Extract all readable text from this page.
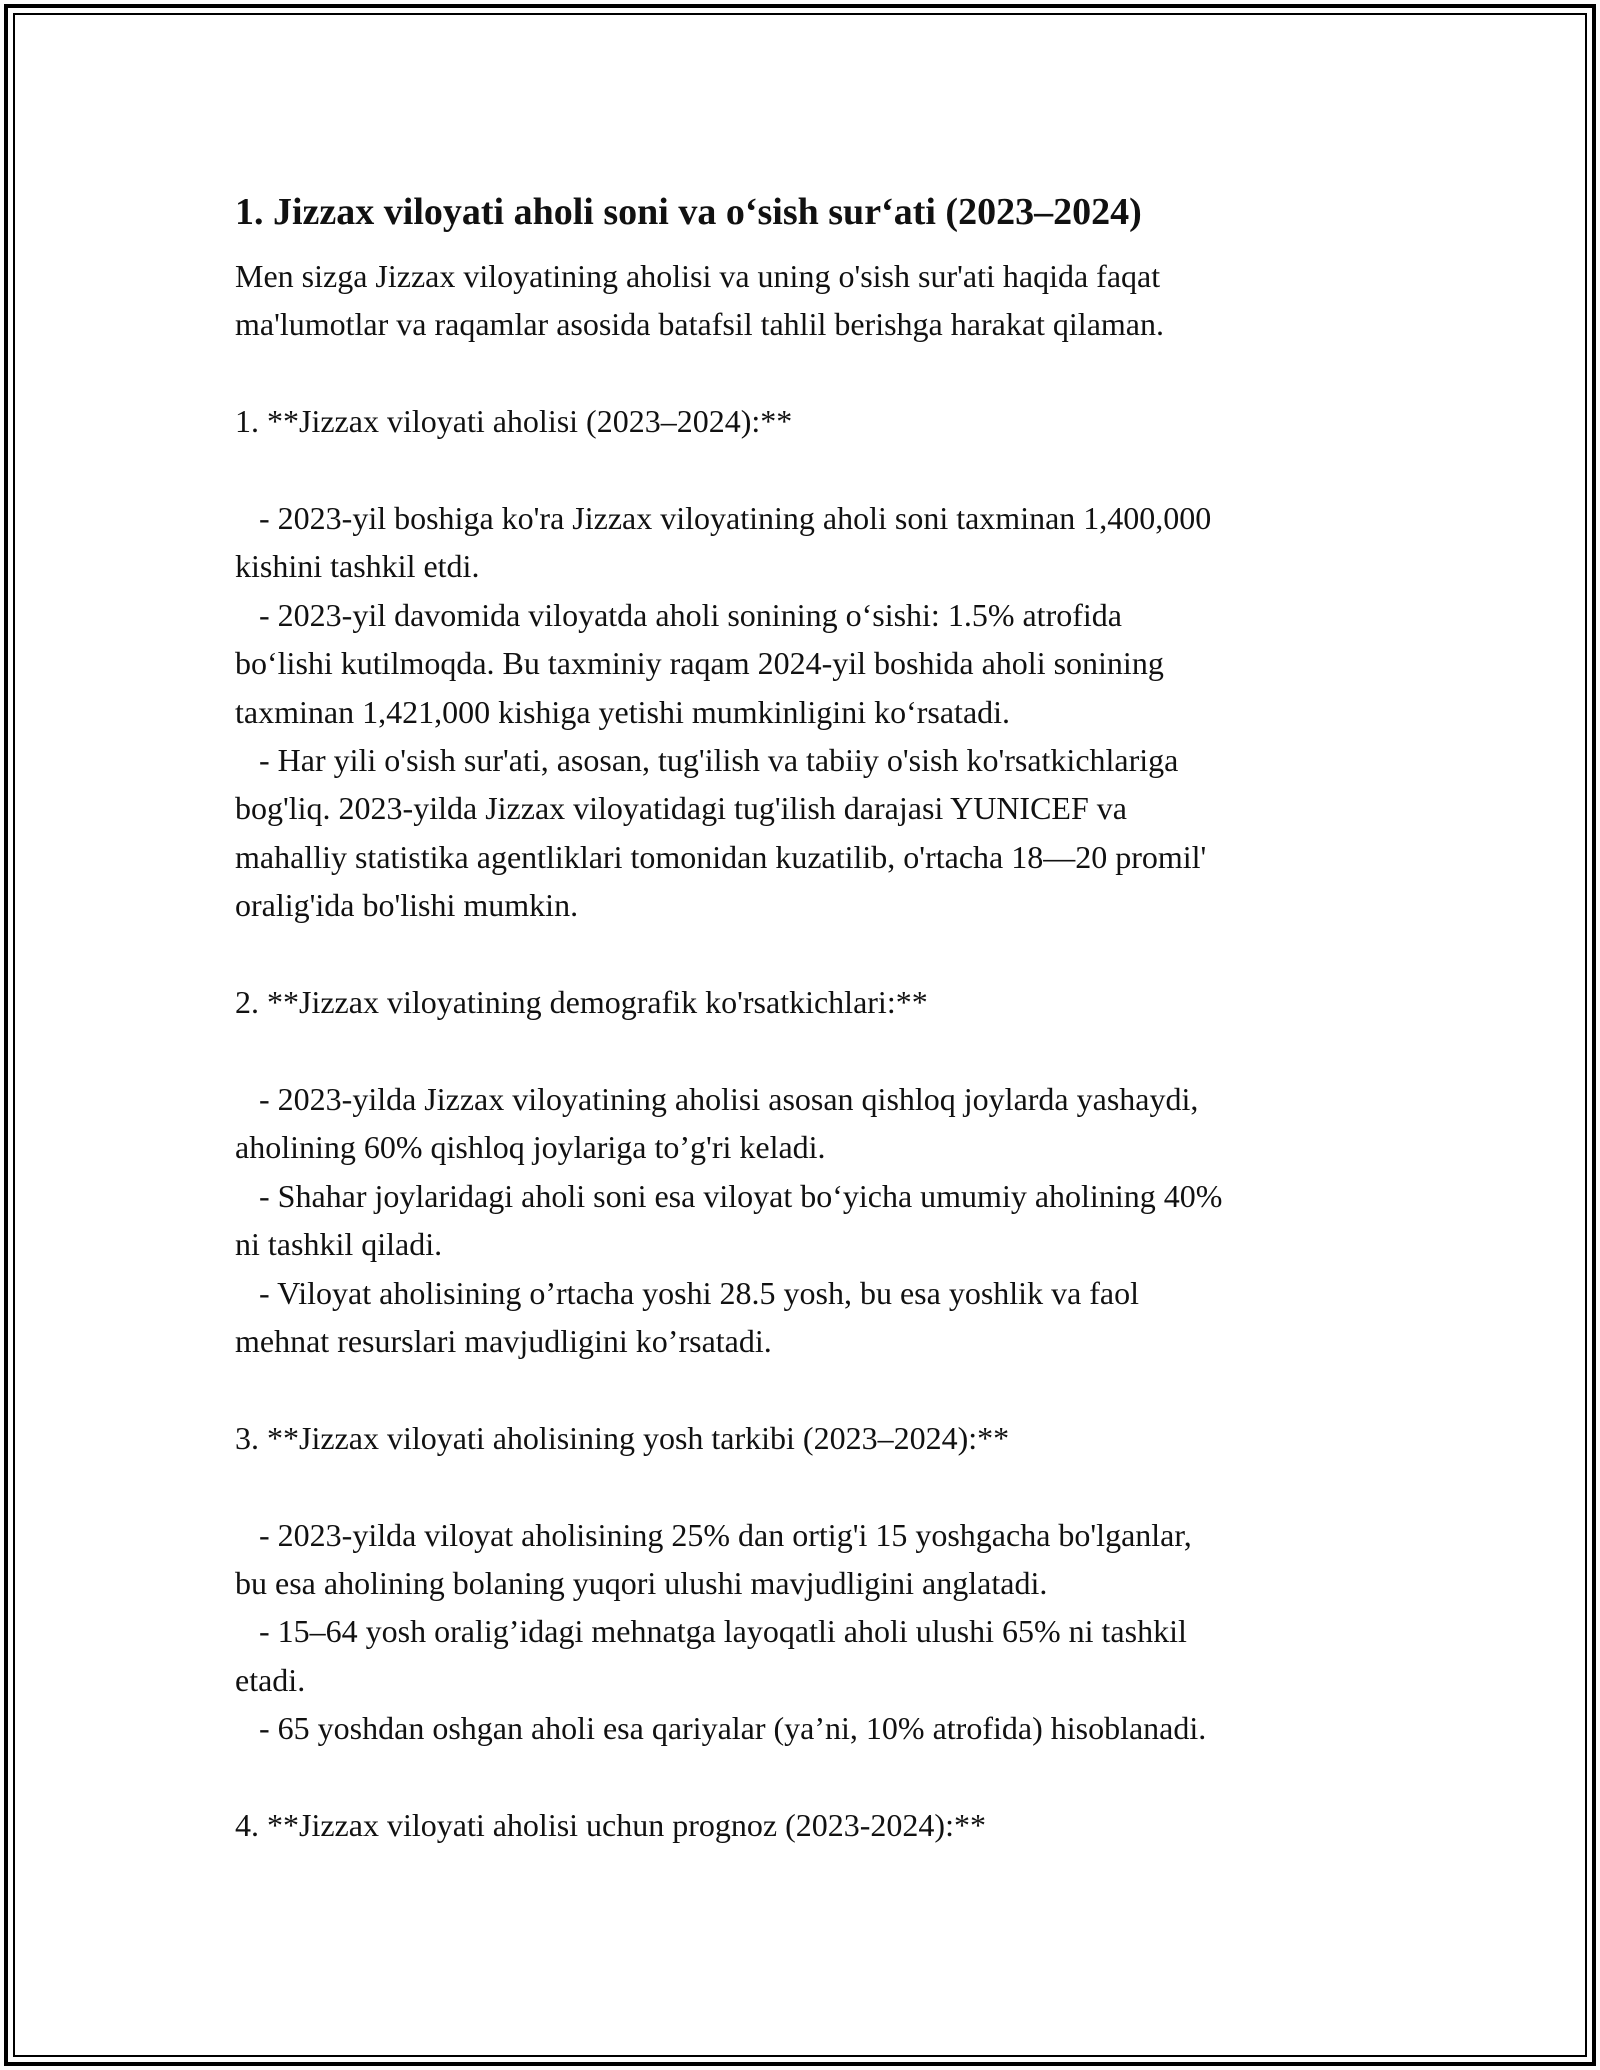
1. Jizzax viloyati aholi soni va o‘sish sur‘ati (2023–2024)

Men sizga Jizzax viloyatining aholisi va uning o'sish sur'ati haqida faqat
ma'lumotlar va raqamlar asosida batafsil tahlil berishga harakat qilaman.

1. **Jizzax viloyati aholisi (2023–2024):**

- 2023-yil boshiga ko'ra Jizzax viloyatining aholi soni taxminan 1,400,000
kishini tashkil etdi.
- 2023-yil davomida viloyatda aholi sonining o‘sishi: 1.5% atrofida
bo‘lishi kutilmoqda. Bu taxminiy raqam 2024-yil boshida aholi sonining
taxminan 1,421,000 kishiga yetishi mumkinligini ko‘rsatadi.
- Har yili o'sish sur'ati, asosan, tug'ilish va tabiiy o'sish ko'rsatkichlariga
bog'liq. 2023-yilda Jizzax viloyatidagi tug'ilish darajasi YUNICEF va
mahalliy statistika agentliklari tomonidan kuzatilib, o'rtacha 18—20 promil'
oralig'ida bo'lishi mumkin.

2. **Jizzax viloyatining demografik ko'rsatkichlari:**

- 2023-yilda Jizzax viloyatining aholisi asosan qishloq joylarda yashaydi,
aholining 60% qishloq joylariga to’g'ri keladi.
- Shahar joylaridagi aholi soni esa viloyat bo‘yicha umumiy aholining 40%
ni tashkil qiladi.
- Viloyat aholisining o’rtacha yoshi 28.5 yosh, bu esa yoshlik va faol
mehnat resurslari mavjudligini ko’rsatadi.

3. **Jizzax viloyati aholisining yosh tarkibi (2023–2024):**

- 2023-yilda viloyat aholisining 25% dan ortig'i 15 yoshgacha bo'lganlar,
bu esa aholining bolaning yuqori ulushi mavjudligini anglatadi.
- 15–64 yosh oralig’idagi mehnatga layoqatli aholi ulushi 65% ni tashkil
etadi.
- 65 yoshdan oshgan aholi esa qariyalar (ya’ni, 10% atrofida) hisoblanadi.

4. **Jizzax viloyati aholisi uchun prognoz (2023-2024):**
